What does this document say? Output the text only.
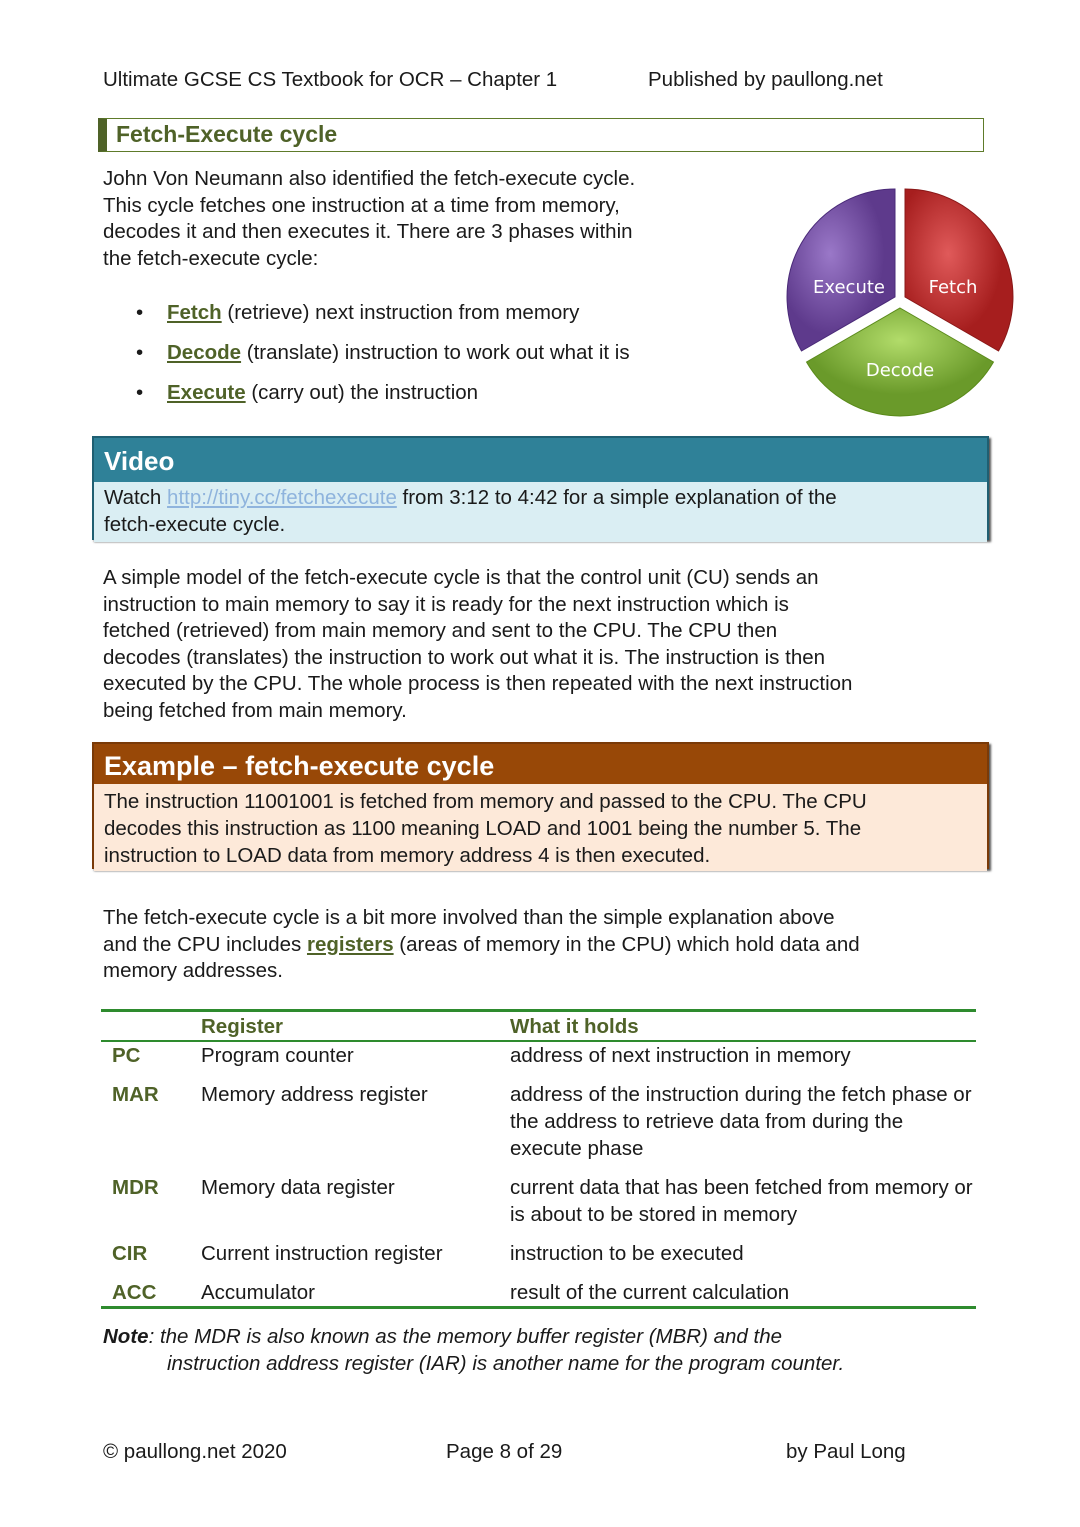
Ultimate GCSE CS Textbook for OCR – Chapter 1	Published by paullong.net
Fetch-Execute cycle
John Von Neumann also identified the fetch-execute cycle.
This cycle fetches one instruction at a time from memory,
decodes it and then executes it. There are 3 phases within
the fetch-execute cycle:
• Fetch (retrieve) next instruction from memory
• Decode (translate) instruction to work out what it is
• Execute (carry out) the instruction
Fetch
Decode
Execute
Video
Watch http://tiny.cc/fetchexecute from 3:12 to 4:42 for a simple explanation of the
fetch-execute cycle.
A simple model of the fetch-execute cycle is that the control unit (CU) sends an
instruction to main memory to say it is ready for the next instruction which is
fetched (retrieved) from main memory and sent to the CPU. The CPU then
decodes (translates) the instruction to work out what it is. The instruction is then
executed by the CPU. The whole process is then repeated with the next instruction
being fetched from main memory.
Example – fetch-execute cycle
The instruction 11001001 is fetched from memory and passed to the CPU. The CPU
decodes this instruction as 1100 meaning LOAD and 1001 being the number 5. The
instruction to LOAD data from memory address 4 is then executed.
The fetch-execute cycle is a bit more involved than the simple explanation above
and the CPU includes registers (areas of memory in the CPU) which hold data and
memory addresses.

	Register	What it holds
PC	Program counter	address of next instruction in memory
MAR	Memory address register	address of the instruction during the fetch phase or the address to retrieve data from during the execute phase
MDR	Memory data register	current data that has been fetched from memory or is about to be stored in memory
CIR	Current instruction register	instruction to be executed
ACC	Accumulator	result of the current calculation
Note: the MDR is also known as the memory buffer register (MBR) and the
instruction address register (IAR) is another name for the program counter.
© paullong.net 2020	Page 8 of 29	by Paul Long
